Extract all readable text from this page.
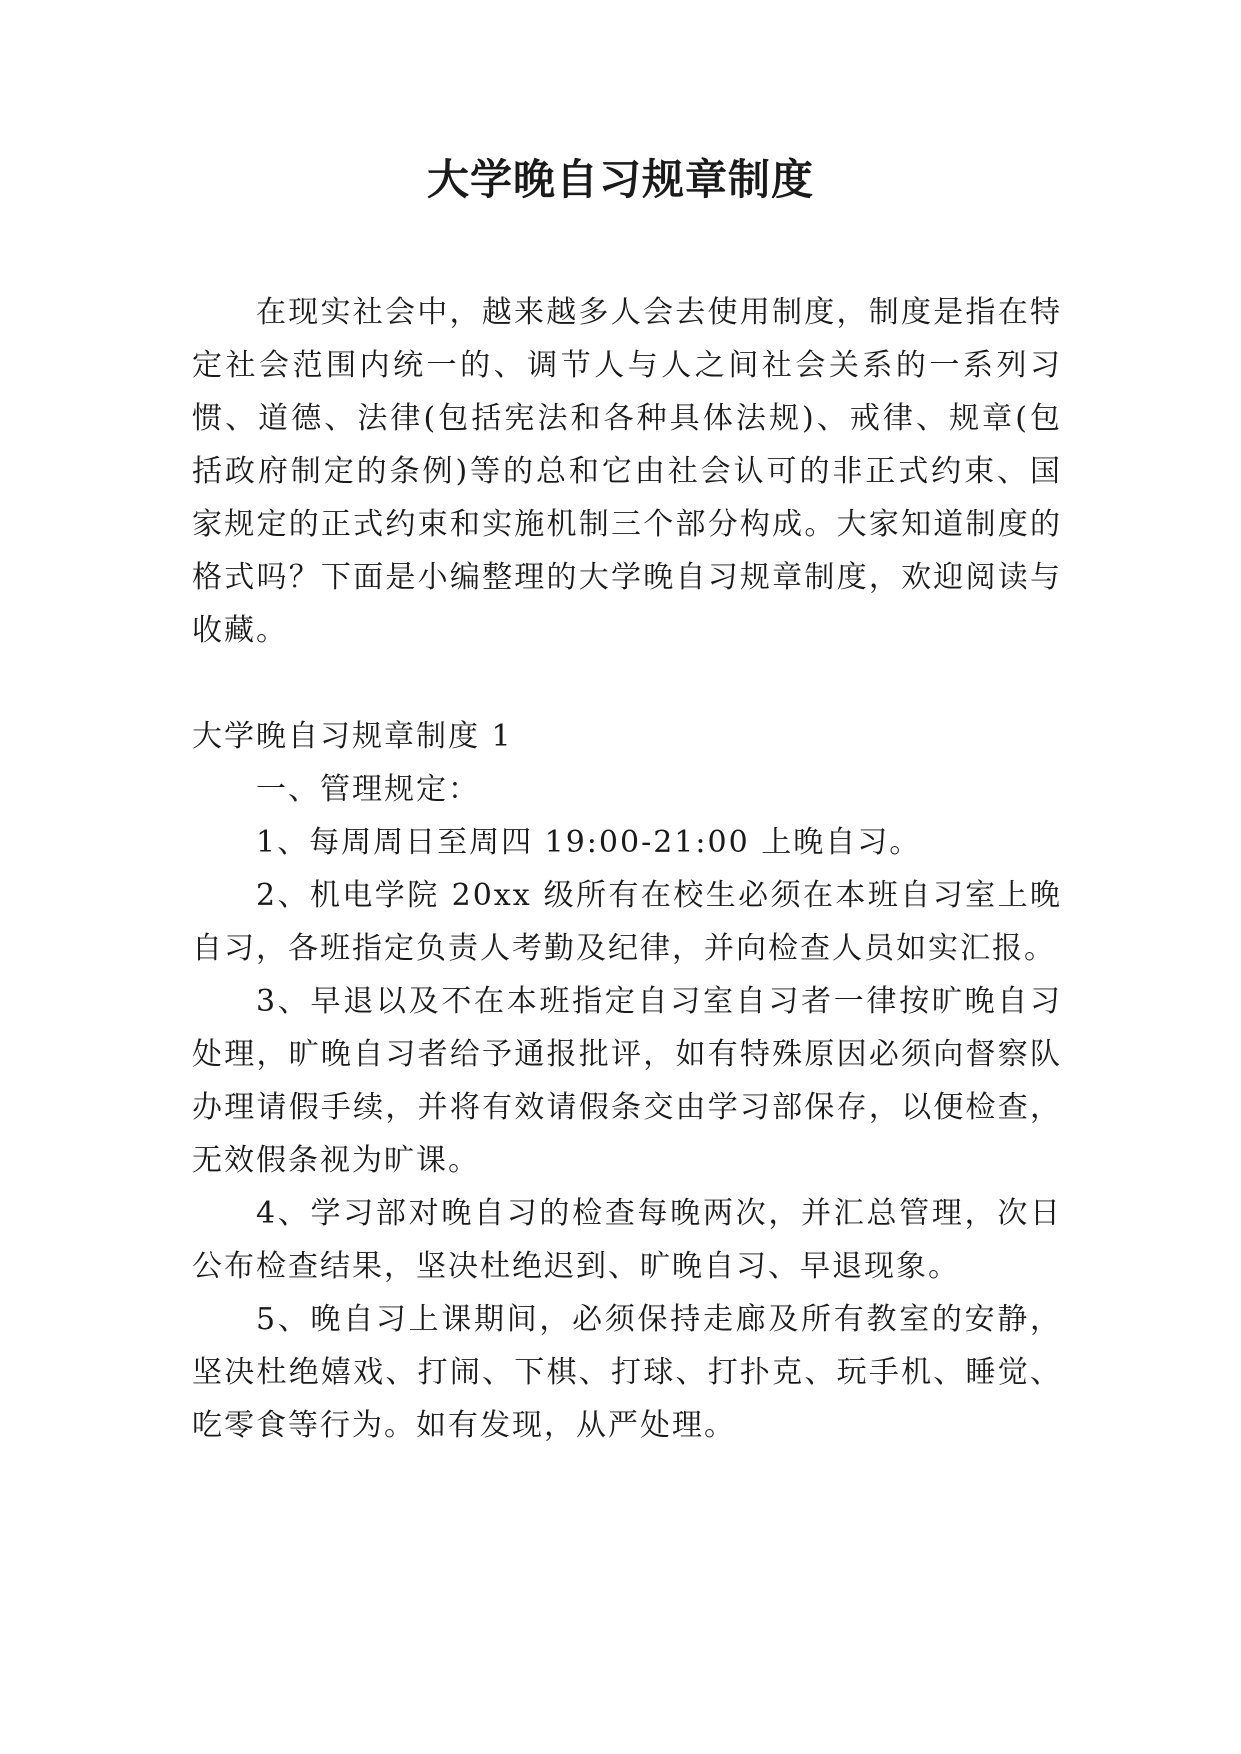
大学晚自习规章制度

在现实社会中，越来越多人会去使用制度，制度是指在特定社会范围内统一的、调节人与人之间社会关系的一系列习惯、道德、法律(包括宪法和各种具体法规)、戒律、规章(包括政府制定的条例)等的总和它由社会认可的非正式约束、国家规定的正式约束和实施机制三个部分构成。大家知道制度的格式吗？下面是小编整理的大学晚自习规章制度，欢迎阅读与收藏。

大学晚自习规章制度 1

一、管理规定：

1、每周周日至周四 19:00-21:00 上晚自习。

2、机电学院 20xx 级所有在校生必须在本班自习室上晚自习，各班指定负责人考勤及纪律，并向检查人员如实汇报。

3、早退以及不在本班指定自习室自习者一律按旷晚自习处理，旷晚自习者给予通报批评，如有特殊原因必须向督察队办理请假手续，并将有效请假条交由学习部保存，以便检查，无效假条视为旷课。

4、学习部对晚自习的检查每晚两次，并汇总管理，次日公布检查结果，坚决杜绝迟到、旷晚自习、早退现象。

5、晚自习上课期间，必须保持走廊及所有教室的安静，坚决杜绝嬉戏、打闹、下棋、打球、打扑克、玩手机、睡觉、吃零食等行为。如有发现，从严处理。
